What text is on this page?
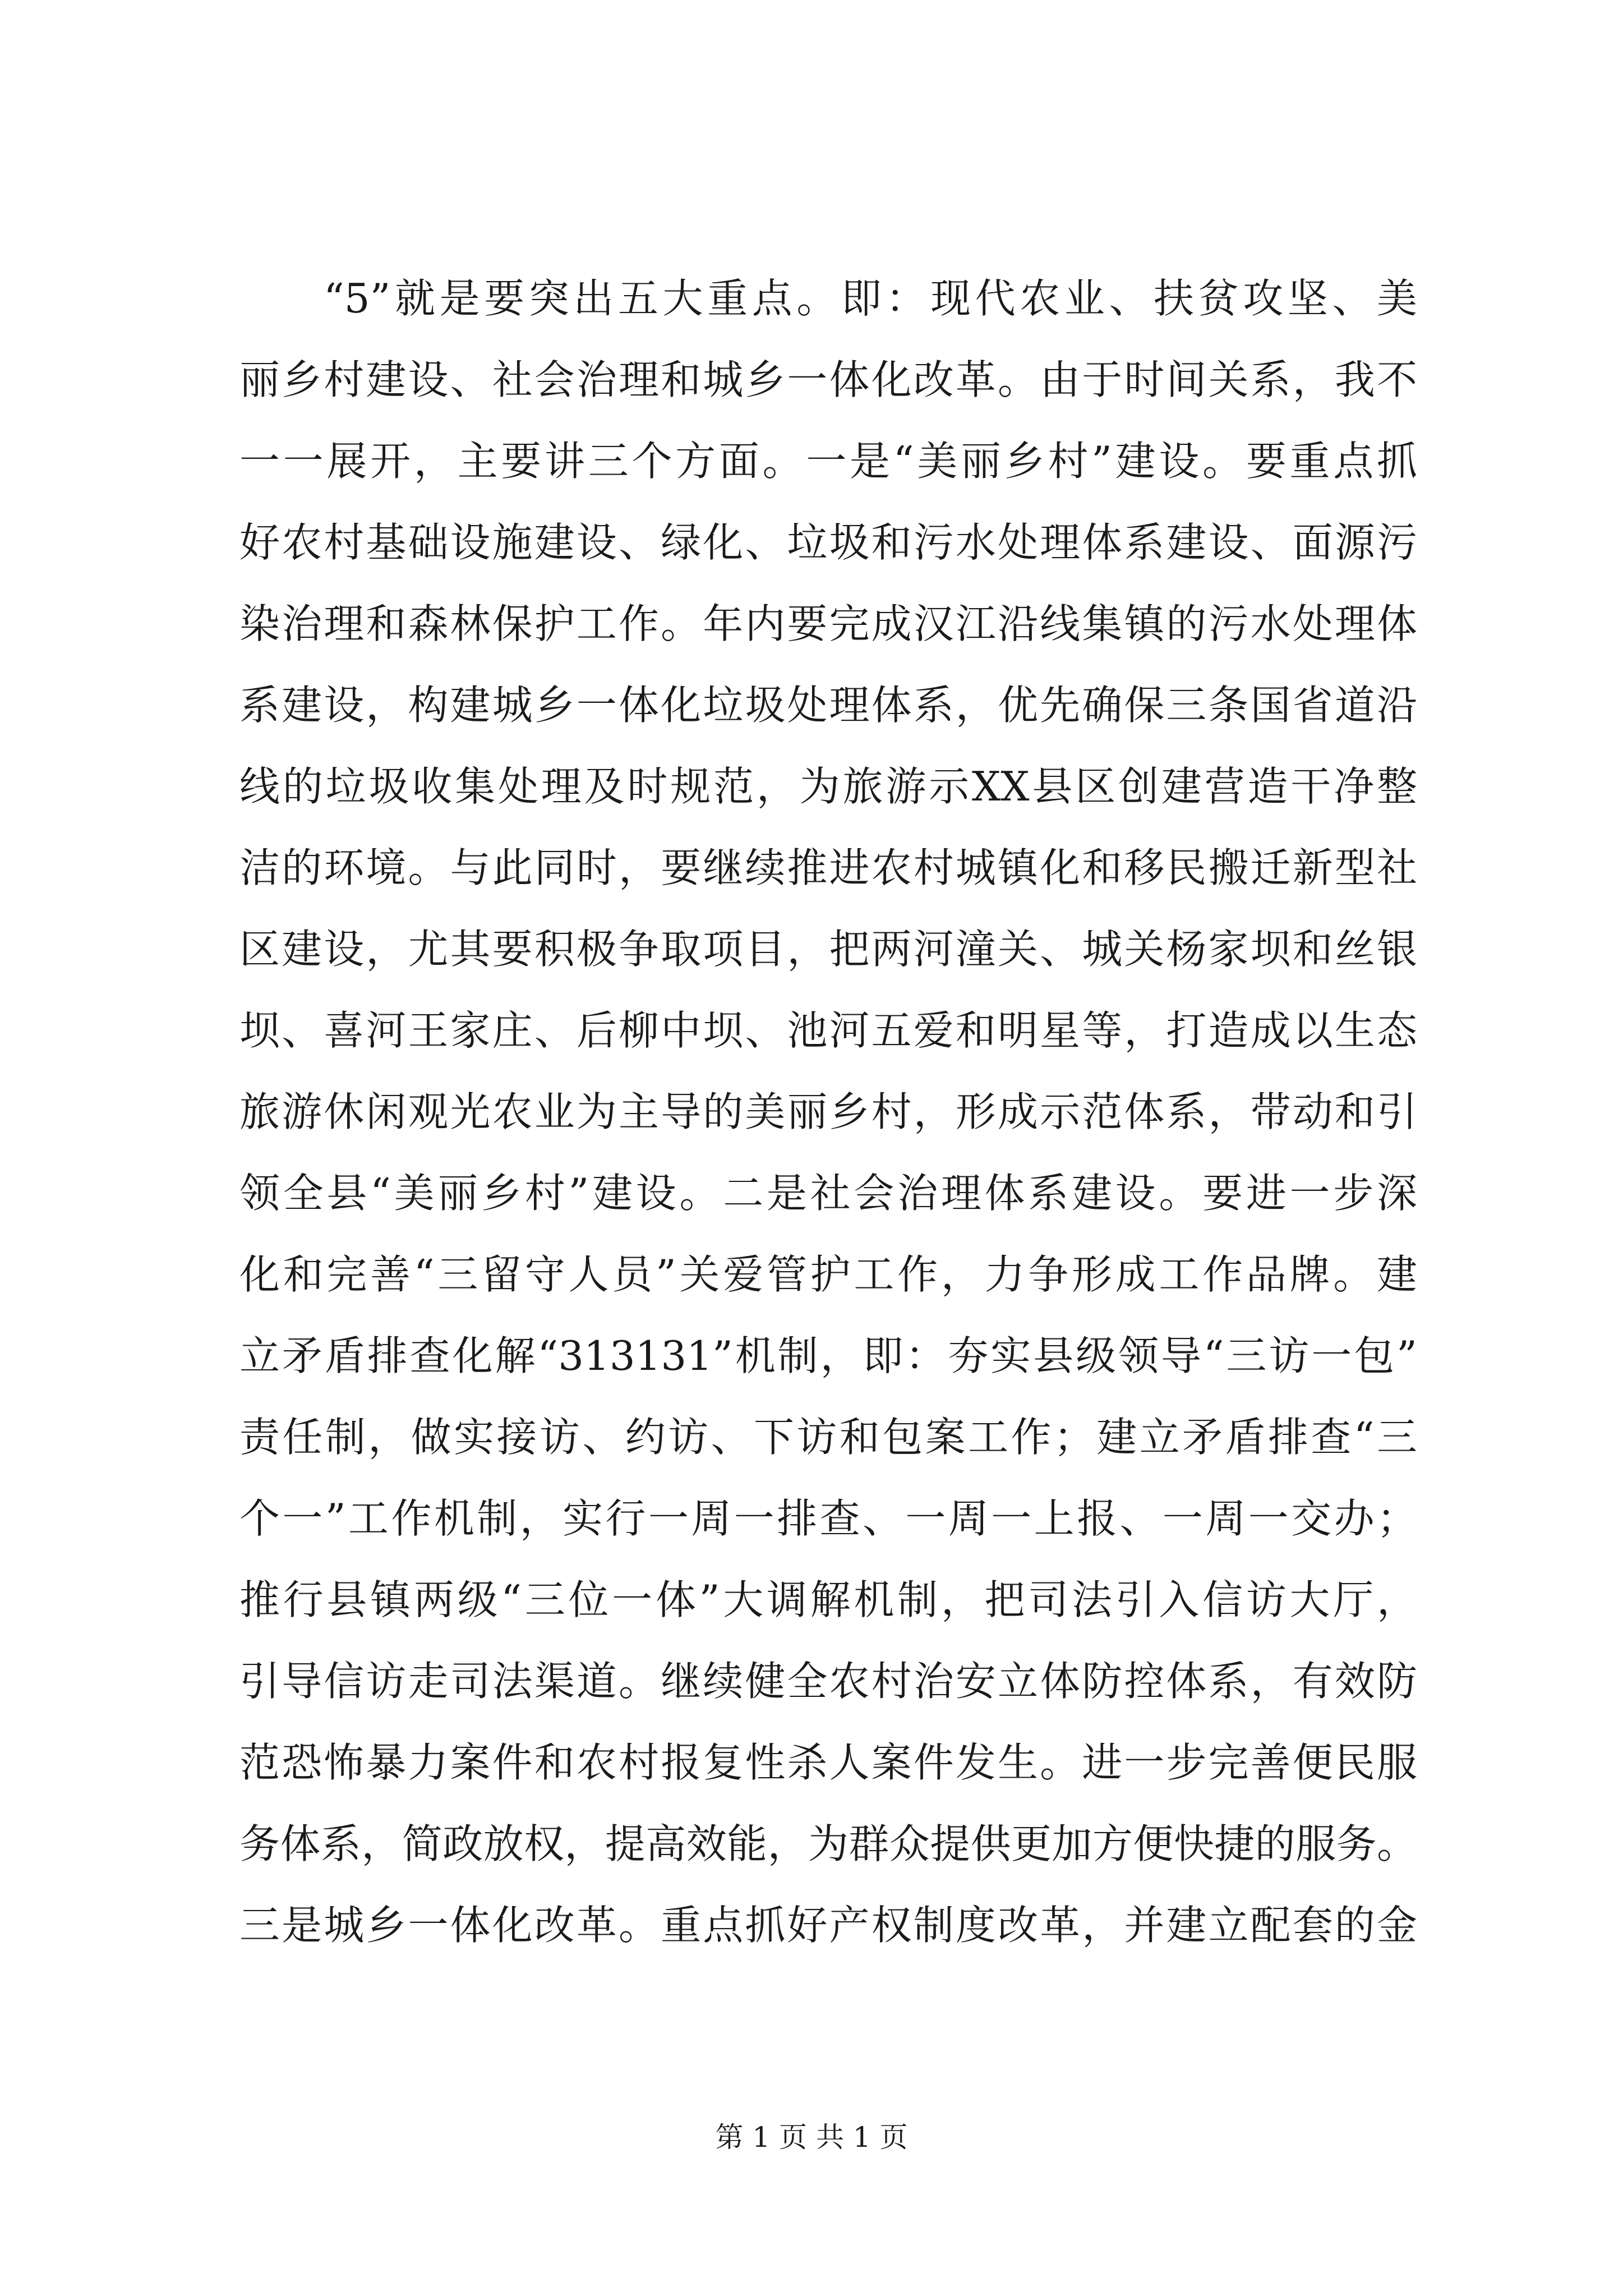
“5”就是要突出五大重点。即：现代农业、扶贫攻坚、美
丽乡村建设、社会治理和城乡一体化改革。由于时间关系，我不
一一展开，主要讲三个方面。一是“美丽乡村”建设。要重点抓
好农村基础设施建设、绿化、垃圾和污水处理体系建设、面源污
染治理和森林保护工作。年内要完成汉江沿线集镇的污水处理体
系建设，构建城乡一体化垃圾处理体系，优先确保三条国省道沿
线的垃圾收集处理及时规范，为旅游示XX县区创建营造干净整
洁的环境。与此同时，要继续推进农村城镇化和移民搬迁新型社
区建设，尤其要积极争取项目，把两河潼关、城关杨家坝和丝银
坝、喜河王家庄、后柳中坝、池河五爱和明星等，打造成以生态
旅游休闲观光农业为主导的美丽乡村，形成示范体系，带动和引
领全县“美丽乡村”建设。二是社会治理体系建设。要进一步深
化和完善“三留守人员”关爱管护工作，力争形成工作品牌。建
立矛盾排查化解“313131”机制，即：夯实县级领导“三访一包”
责任制，做实接访、约访、下访和包案工作；建立矛盾排查“三
个一”工作机制，实行一周一排查、一周一上报、一周一交办；
推行县镇两级“三位一体”大调解机制，把司法引入信访大厅，
引导信访走司法渠道。继续健全农村治安立体防控体系，有效防
范恐怖暴力案件和农村报复性杀人案件发生。进一步完善便民服
务体系，简政放权，提高效能，为群众提供更加方便快捷的服务。
三是城乡一体化改革。重点抓好产权制度改革，并建立配套的金
第 1 页 共 1 页
